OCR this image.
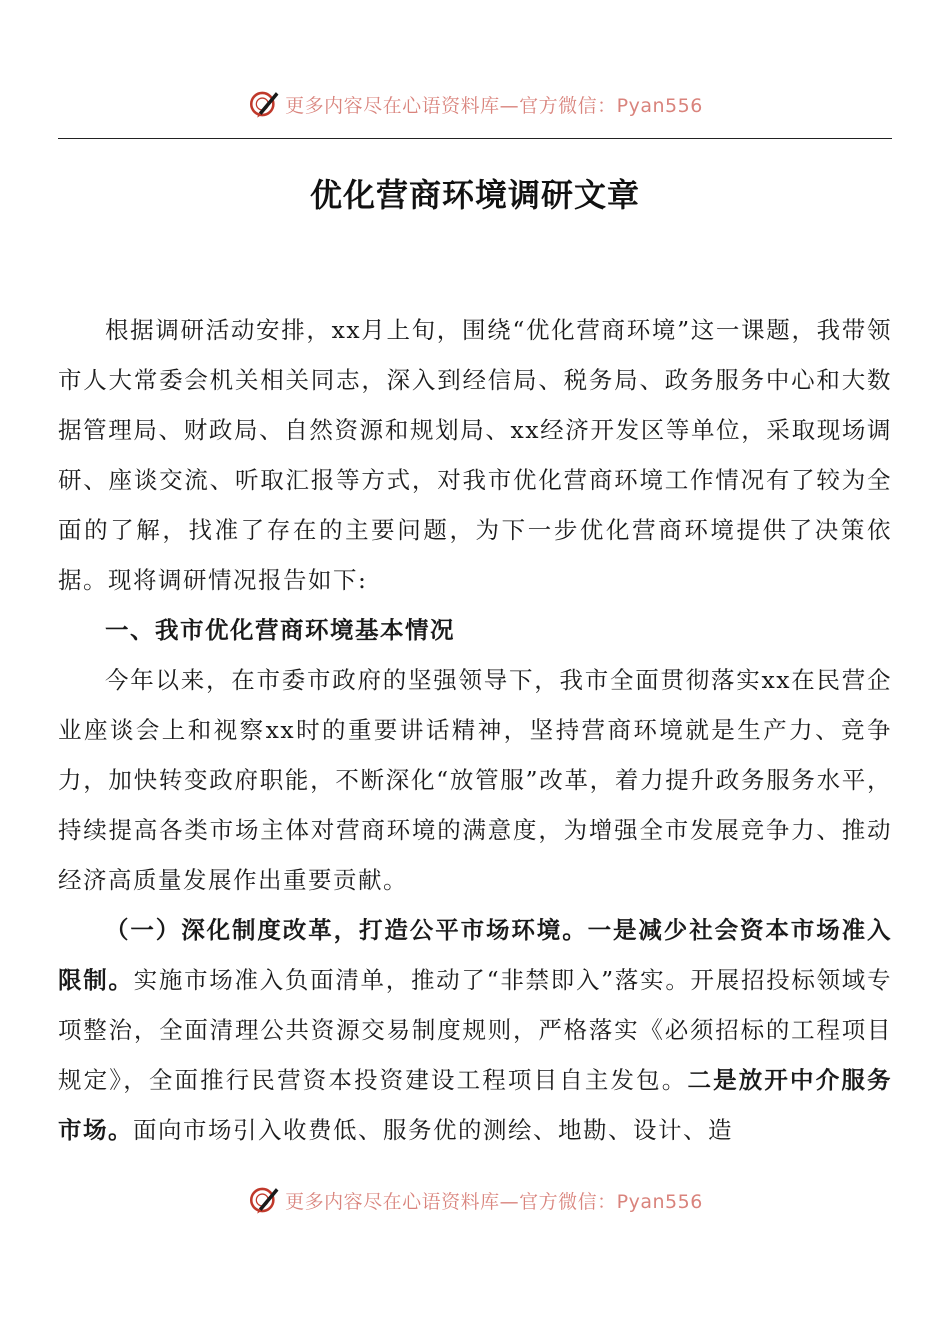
更多内容尽在心语资料库—官方微信：Pyan556
优化营商环境调研文章

根据调研活动安排，xx月上旬，围绕“优化营商环境”这一课题，我带领市人大常委会机关相关同志，深入到经信局、税务局、政务服务中心和大数据管理局、财政局、自然资源和规划局、xx经济开发区等单位，采取现场调研、座谈交流、听取汇报等方式，对我市优化营商环境工作情况有了较为全面的了解，找准了存在的主要问题，为下一步优化营商环境提供了决策依据。现将调研情况报告如下:

一、我市优化营商环境基本情况

今年以来，在市委市政府的坚强领导下，我市全面贯彻落实xx在民营企业座谈会上和视察xx时的重要讲话精神，坚持营商环境就是生产力、竞争力，加快转变政府职能，不断深化“放管服”改革，着力提升政务服务水平，持续提高各类市场主体对营商环境的满意度，为增强全市发展竞争力、推动经济高质量发展作出重要贡献。

（一）深化制度改革，打造公平市场环境。一是减少社会资本市场准入限制。实施市场准入负面清单，推动了“非禁即入”落实。开展招投标领域专项整治，全面清理公共资源交易制度规则，严格落实《必须招标的工程项目规定》，全面推行民营资本投资建设工程项目自主发包。二是放开中介服务市场。面向市场引入收费低、服务优的测绘、地勘、设计、造

更多内容尽在心语资料库—官方微信：Pyan556
